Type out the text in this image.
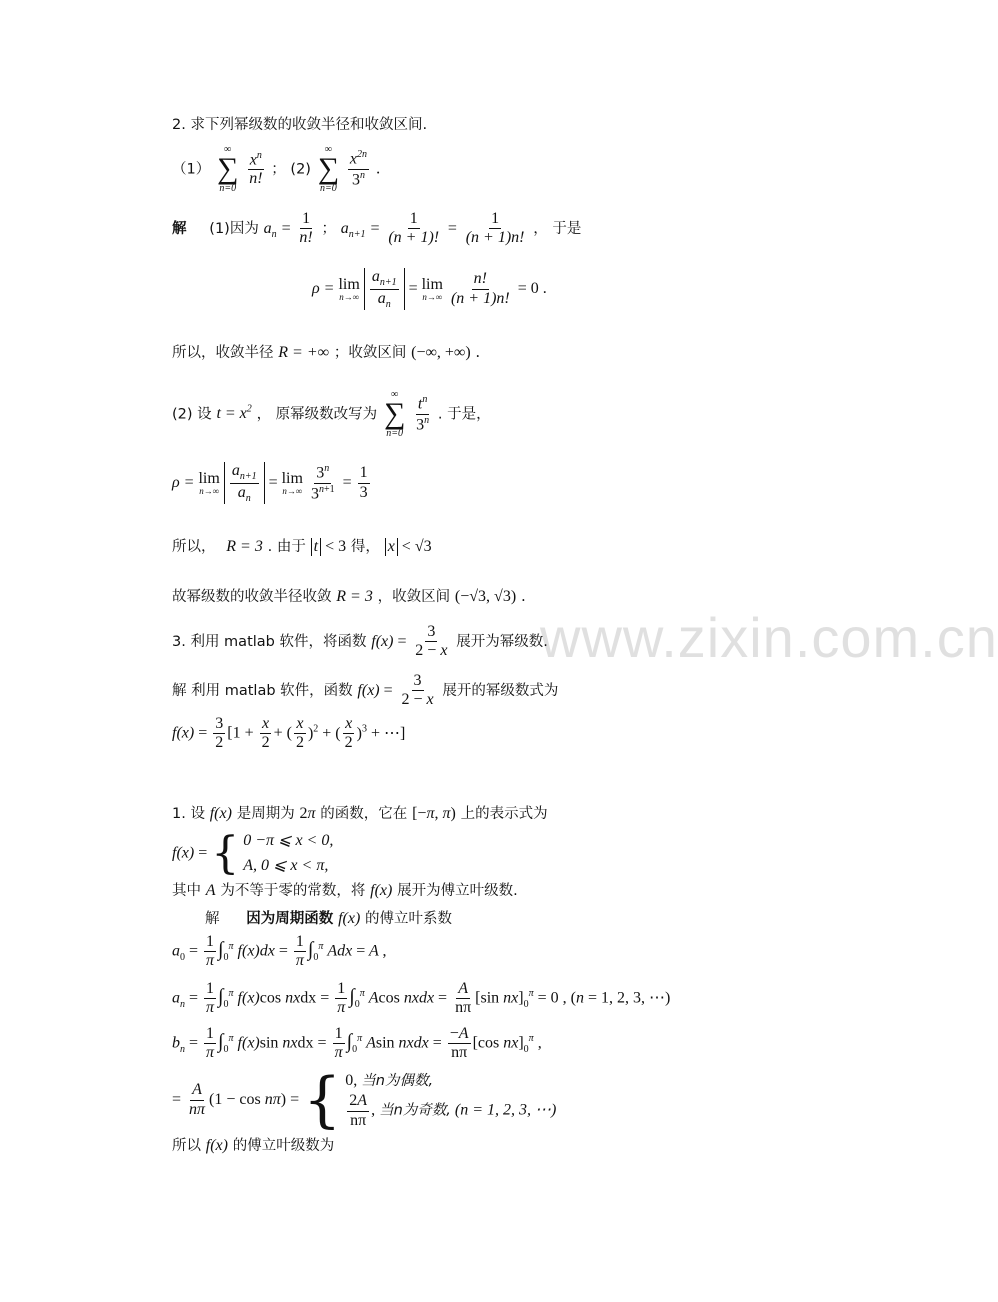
www.zixin.com.cn
2. 求下列幂级数的收敛半径和收敛区间.
（1）
∞
∑
n=0
$\frac{x^n}{n!}$ ； (2)
∞
∑
n=0
$\frac{x^{2n}}{3^n}$ .
解 (1)因为 $a_n = \frac{1}{n!}$ ； $a_{n+1} = \frac{1}{(n + 1)!} = \frac{1}{(n + 1)n!}$ ， 于是
ρ = lim
n→∞
$\frac{a_{n+1}}{a_n} = \lim$
n→∞
$\frac{n!}{(n + 1)n!} = 0$ .
所以，收敛半径 R = +∞ ；收敛区间 (−∞, +∞) .
(2) 设 $t = x^2$ ， 原幂级数改写为
∞
∑
n=0
$\frac{t^n}{3^n}$ . 于是，
ρ = lim
n→∞
$\frac{a_{n+1}}{a_n} = \lim$
n→∞
$\frac{3^n}{3^{n+1}} = \frac{1}{3}$
所以， R = 3 . 由于 t < 3 得， x < √3
故幂级数的收敛半径收敛 R = 3 ，收敛区间 (−√3, √3) .
3. 利用 matlab 软件，将函数 $f(x) = \frac{3}{2 - x}$ 展开为幂级数.
解 利用 matlab 软件，函数 $f(x) = \frac{3}{2 - x}$ 展开的幂级数式为
$f(x) = \frac{3}{2} [1 + \frac{x}{2}$ + ( $\frac{x}{2} )^2$ + ( $\frac{x}{2} )^3$ + ⋯]
1. 设 f(x) 是周期为 2π 的函数，它在 [−π, π) 上的表示式为
f(x) = { 0 −π ⩽ x < 0,
A, 0 ⩽ x < π,
其中 A 为不等于零的常数，将 f(x) 展开为傅立叶级数.
解 因为周期函数 f(x) 的傅立叶系数
$a_0 = \frac{1}{\pi} \int_0^\pi$ $f(x)dx = \frac{1}{\pi} \int_0^\pi$ Adx = A ,
$a_n = \frac{1}{\pi} \int_0^\pi$ f(x)cos nxdx = $\frac{1}{\pi} \int_0^\pi$ Acos nxdx = $\frac{A}{n\pi} [\sin$ $nx]_0^\pi = 0$ , (n = 1, 2, 3, ⋯)
$b_n = \frac{1}{\pi} \int_0^\pi$ f(x)sin nxdx = $\frac{1}{\pi} \int_0^\pi$ Asin nxdx = $\frac{-A}{n\pi} [\cos$ $nx]_0^\pi$ ,
= $\frac{A}{n\pi} (1 - \cos n\pi)$ = { 0, 当n为偶数,
$\frac{2A}{n\pi}$ , 当n为奇数, (n = 1, 2, 3, ⋯)
所以 f(x) 的傅立叶级数为
